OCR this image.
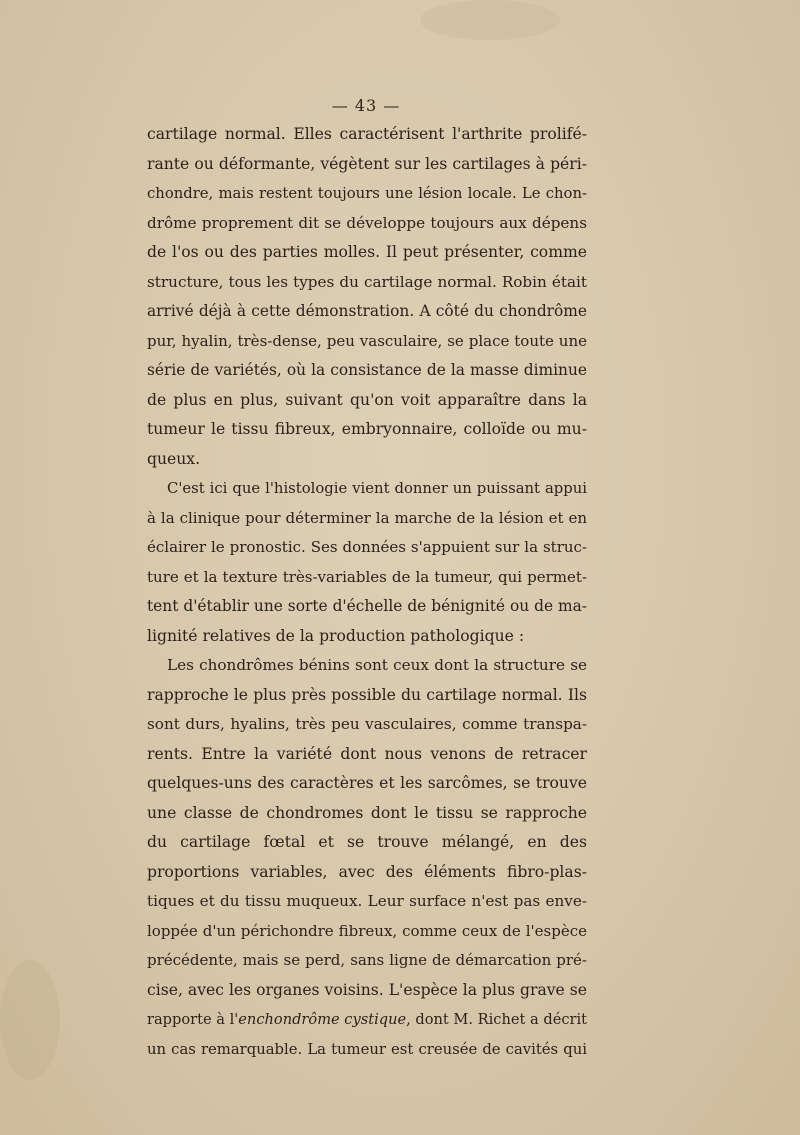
— 43 —
cartilage normal. Elles caractérisent l'arthrite prolifé-
rante ou déformante, végètent sur les cartilages à péri-
chondre, mais restent toujours une lésion locale. Le chon-
drôme proprement dit se développe toujours aux dépens
de l'os ou des parties molles. Il peut présenter, comme
structure, tous les types du cartilage normal. Robin était
arrivé déjà à cette démonstration. A côté du chondrôme
pur, hyalin, très-dense, peu vasculaire, se place toute une
série de variétés, où la consistance de la masse diminue
de plus en plus, suivant qu'on voit apparaître dans la
tumeur le tissu fibreux, embryonnaire, colloïde ou mu-
queux.
C'est ici que l'histologie vient donner un puissant appui
à la clinique pour déterminer la marche de la lésion et en
éclairer le pronostic. Ses données s'appuient sur la struc-
ture et la texture très-variables de la tumeur, qui permet-
tent d'établir une sorte d'échelle de bénignité ou de ma-
lignité relatives de la production pathologique :
Les chondrômes bénins sont ceux dont la structure se
rapproche le plus près possible du cartilage normal. Ils
sont durs, hyalins, très peu vasculaires, comme transpa-
rents. Entre la variété dont nous venons de retracer
quelques-uns des caractères et les sarcômes, se trouve
une classe de chondromes dont le tissu se rapproche
du cartilage fœtal et se trouve mélangé, en des
proportions variables, avec des éléments fibro-plas-
tiques et du tissu muqueux. Leur surface n'est pas enve-
loppée d'un périchondre fibreux, comme ceux de l'espèce
précédente, mais se perd, sans ligne de démarcation pré-
cise, avec les organes voisins. L'espèce la plus grave se
rapporte à l'enchondrôme cystique, dont M. Richet a décrit
un cas remarquable. La tumeur est creusée de cavités qui
